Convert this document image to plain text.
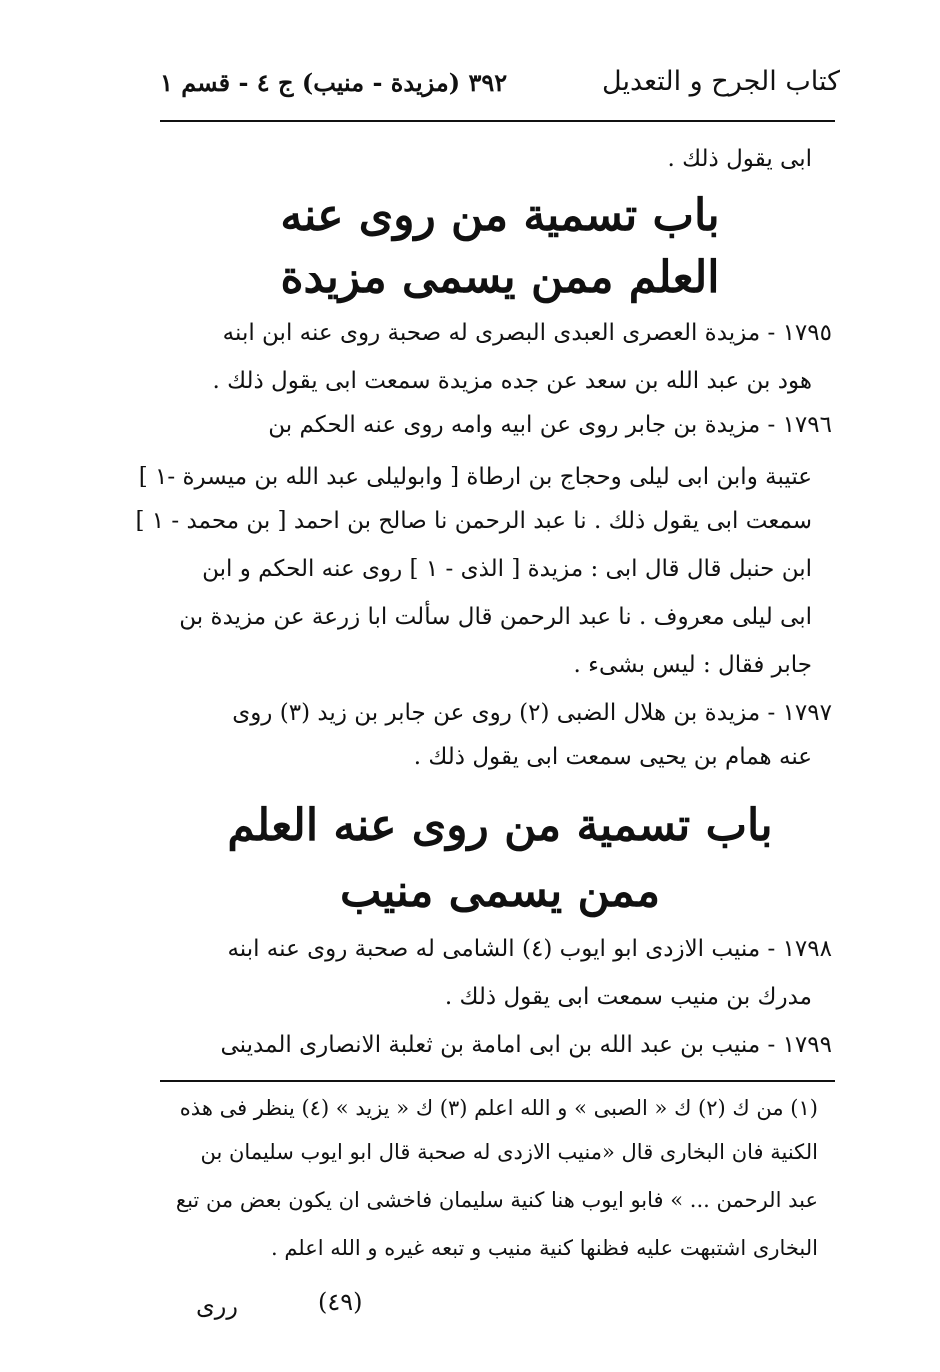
كتاب الجرح و التعديل
٣٩٢ (مزيدة - منيب) ج ٤ - قسم ١
ابى يقول ذلك .
باب تسمية من روى عنه
العلم ممن يسمى مزيدة
١٧٩٥ - مزيدة العصرى العبدى البصرى له صحبة روى عنه ابن ابنه
هود بن عبد الله بن سعد عن جده مزيدة سمعت ابى يقول ذلك .
١٧٩٦ - مزيدة بن جابر روى عن ابيه وامه روى عنه الحكم بن
عتيبة وابن ابى ليلى وحجاج بن ارطاة [ وابوليلى عبد الله بن ميسرة -١ ]
سمعت ابى يقول ذلك . نا عبد الرحمن نا صالح بن احمد [ بن محمد - ١ ]
ابن حنبل قال قال ابى : مزيدة [ الذى - ١ ] روى عنه الحكم و ابن
ابى ليلى معروف . نا عبد الرحمن قال سألت ابا زرعة عن مزيدة بن
جابر فقال : ليس بشىء .
١٧٩٧ - مزيدة بن هلال الضبى (٢) روى عن جابر بن زيد (٣) روى
عنه همام بن يحيى سمعت ابى يقول ذلك .
باب تسمية من روى عنه العلم
ممن يسمى منيب
١٧٩٨ - منيب الازدى ابو ايوب (٤) الشامى له صحبة روى عنه ابنه
مدرك بن منيب سمعت ابى يقول ذلك .
١٧٩٩ - منيب بن عبد الله بن ابى امامة بن ثعلبة الانصارى المدينى
(١) من ك (٢) ك « الصبى » و الله اعلم (٣) ك « يزيد » (٤) ينظر فى هذه
الكنية فان البخارى قال «منيب الازدى له صحبة قال ابو ايوب سليمان بن
عبد الرحمن ... » فابو ايوب هنا كنية سليمان فاخشى ان يكون بعض من تبع
البخارى اشتبهت عليه فظنها كنية منيب و تبعه غيره و الله اعلم .
(٤٩)
ررى
